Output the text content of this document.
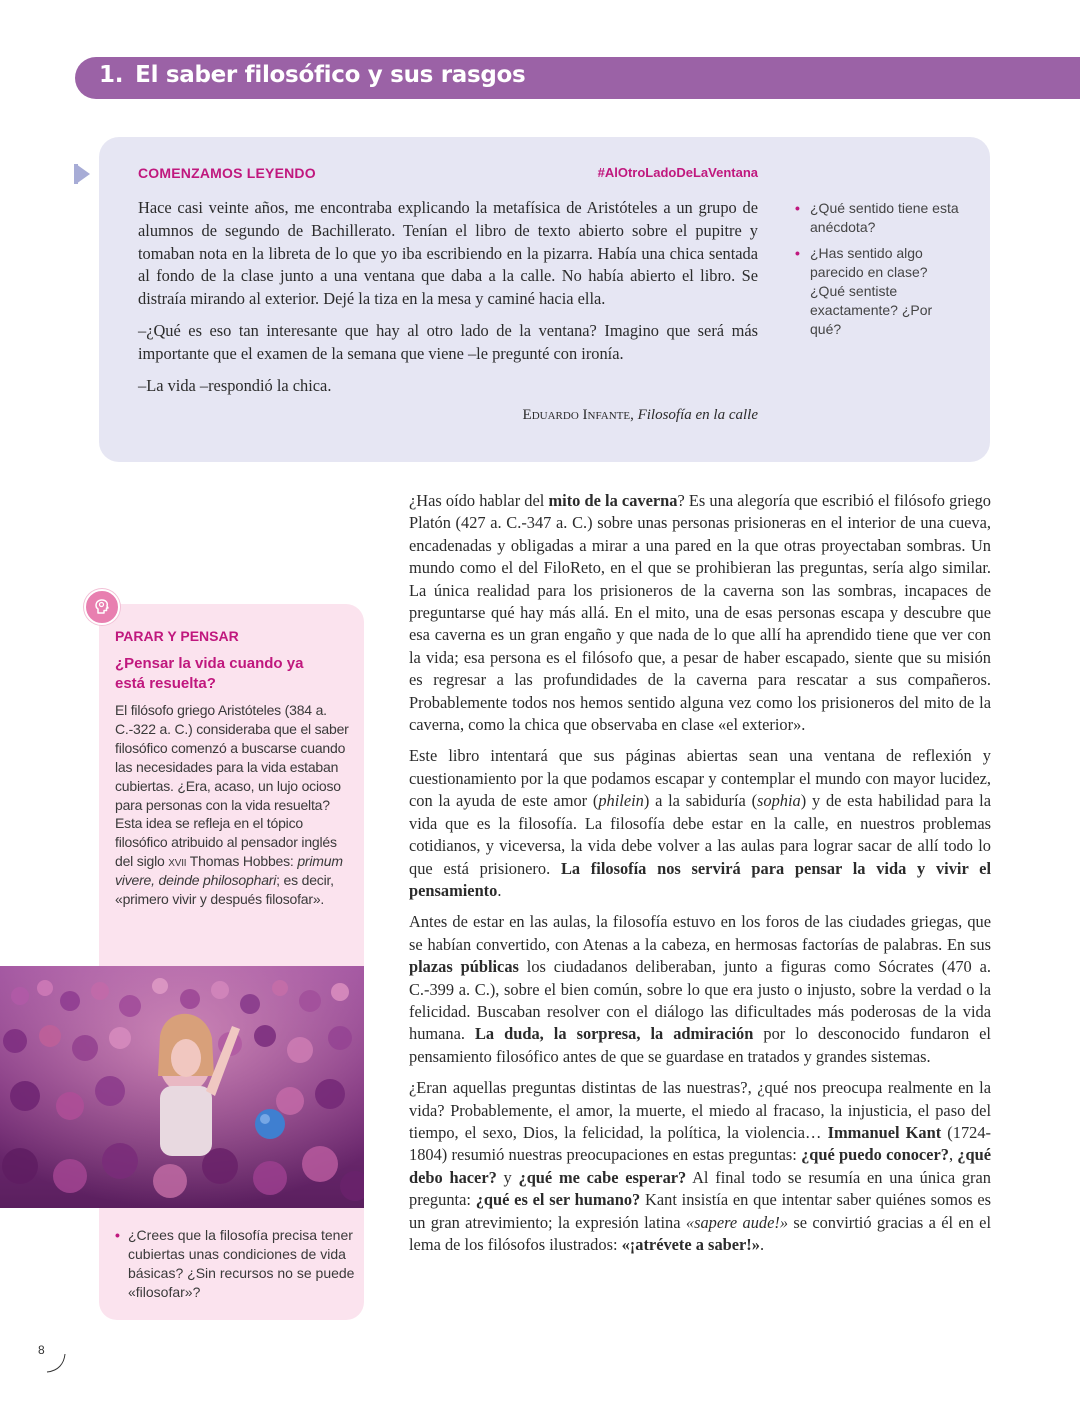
1. El saber filosófico y sus rasgos
COMENZAMOS LEYENDO	#AlOtroLadoDeLaVentana

Hace casi veinte años, me encontraba explicando la metafísica de Aristóteles a un grupo de alumnos de segundo de Bachillerato. Tenían el libro de texto abierto sobre el pupitre y tomaban nota en la libreta de lo que yo iba escribiendo en la pizarra. Había una chica sentada al fondo de la clase junto a una ventana que daba a la calle. No había abierto el libro. Se distraía mirando al exterior. Dejé la tiza en la mesa y caminé hacia ella.

–¿Qué es eso tan interesante que hay al otro lado de la ventana? Imagino que será más importante que el examen de la semana que viene –le pregunté con ironía.

–La vida –respondió la chica.

Eduardo Infante, Filosofía en la calle
• ¿Qué sentido tiene esta anécdota?
• ¿Has sentido algo parecido en clase? ¿Qué sentiste exactamente? ¿Por qué?

¿Has oído hablar del mito de la caverna? Es una alegoría que escribió el filósofo griego Platón (427 a. C.-347 a. C.) sobre unas personas prisioneras en el interior de una cueva, encadenadas y obligadas a mirar a una pared en la que otras proyectaban sombras. Un mundo como el del FiloReto, en el que se prohibieran las preguntas, sería algo similar. La única realidad para los prisioneros de la caverna son las sombras, incapaces de preguntarse qué hay más allá. En el mito, una de esas personas escapa y descubre que esa caverna es un gran engaño y que nada de lo que allí ha aprendido tiene que ver con la vida; esa persona es el filósofo que, a pesar de haber escapado, siente que su misión es regresar a las profundidades de la caverna para rescatar a sus compañeros. Probablemente todos nos hemos sentido alguna vez como los prisioneros del mito de la caverna, como la chica que observaba en clase «el exterior».

Este libro intentará que sus páginas abiertas sean una ventana de reflexión y cuestionamiento por la que podamos escapar y contemplar el mundo con mayor lucidez, con la ayuda de este amor (philein) a la sabiduría (sophia) y de esta habilidad para la vida que es la filosofía. La filosofía debe estar en la calle, en nuestros problemas cotidianos, y viceversa, la vida debe volver a las aulas para lograr sacar de allí todo lo que está prisionero. La filosofía nos servirá para pensar la vida y vivir el pensamiento.

Antes de estar en las aulas, la filosofía estuvo en los foros de las ciudades griegas, que se habían convertido, con Atenas a la cabeza, en hermosas factorías de palabras. En sus plazas públicas los ciudadanos deliberaban, junto a figuras como Sócrates (470 a. C.-399 a. C.), sobre el bien común, sobre lo que era justo o injusto, sobre la verdad o la felicidad. Buscaban resolver con el diálogo las dificultades más poderosas de la vida humana. La duda, la sorpresa, la admiración por lo desconocido fundaron el pensamiento filosófico antes de que se guardase en tratados y grandes sistemas.

¿Eran aquellas preguntas distintas de las nuestras?, ¿qué nos preocupa realmente en la vida? Probablemente, el amor, la muerte, el miedo al fracaso, la injusticia, el paso del tiempo, el sexo, Dios, la felicidad, la política, la violencia… Immanuel Kant (1724-1804) resumió nuestras preocupaciones en estas preguntas: ¿qué puedo conocer?, ¿qué debo hacer? y ¿qué me cabe esperar? Al final todo se resumía en una única gran pregunta: ¿qué es el ser humano? Kant insistía en que intentar saber quiénes somos es un gran atrevimiento; la expresión latina «sapere aude!» se convirtió gracias a él en el lema de los filósofos ilustrados: «¡atrévete a saber!».

PARAR Y PENSAR
¿Pensar la vida cuando ya está resuelta?
El filósofo griego Aristóteles (384 a. C.-322 a. C.) consideraba que el saber filosófico comenzó a buscarse cuando las necesidades para la vida estaban cubiertas. ¿Era, acaso, un lujo ocioso para personas con la vida resuelta? Esta idea se refleja en el tópico filosófico atribuido al pensador inglés del siglo xvii Thomas Hobbes: primum vivere, deinde philosophari; es decir, «primero vivir y después filosofar».
• ¿Crees que la filosofía precisa tener cubiertas unas condiciones de vida básicas? ¿Sin recursos no se puede «filosofar»?
8
